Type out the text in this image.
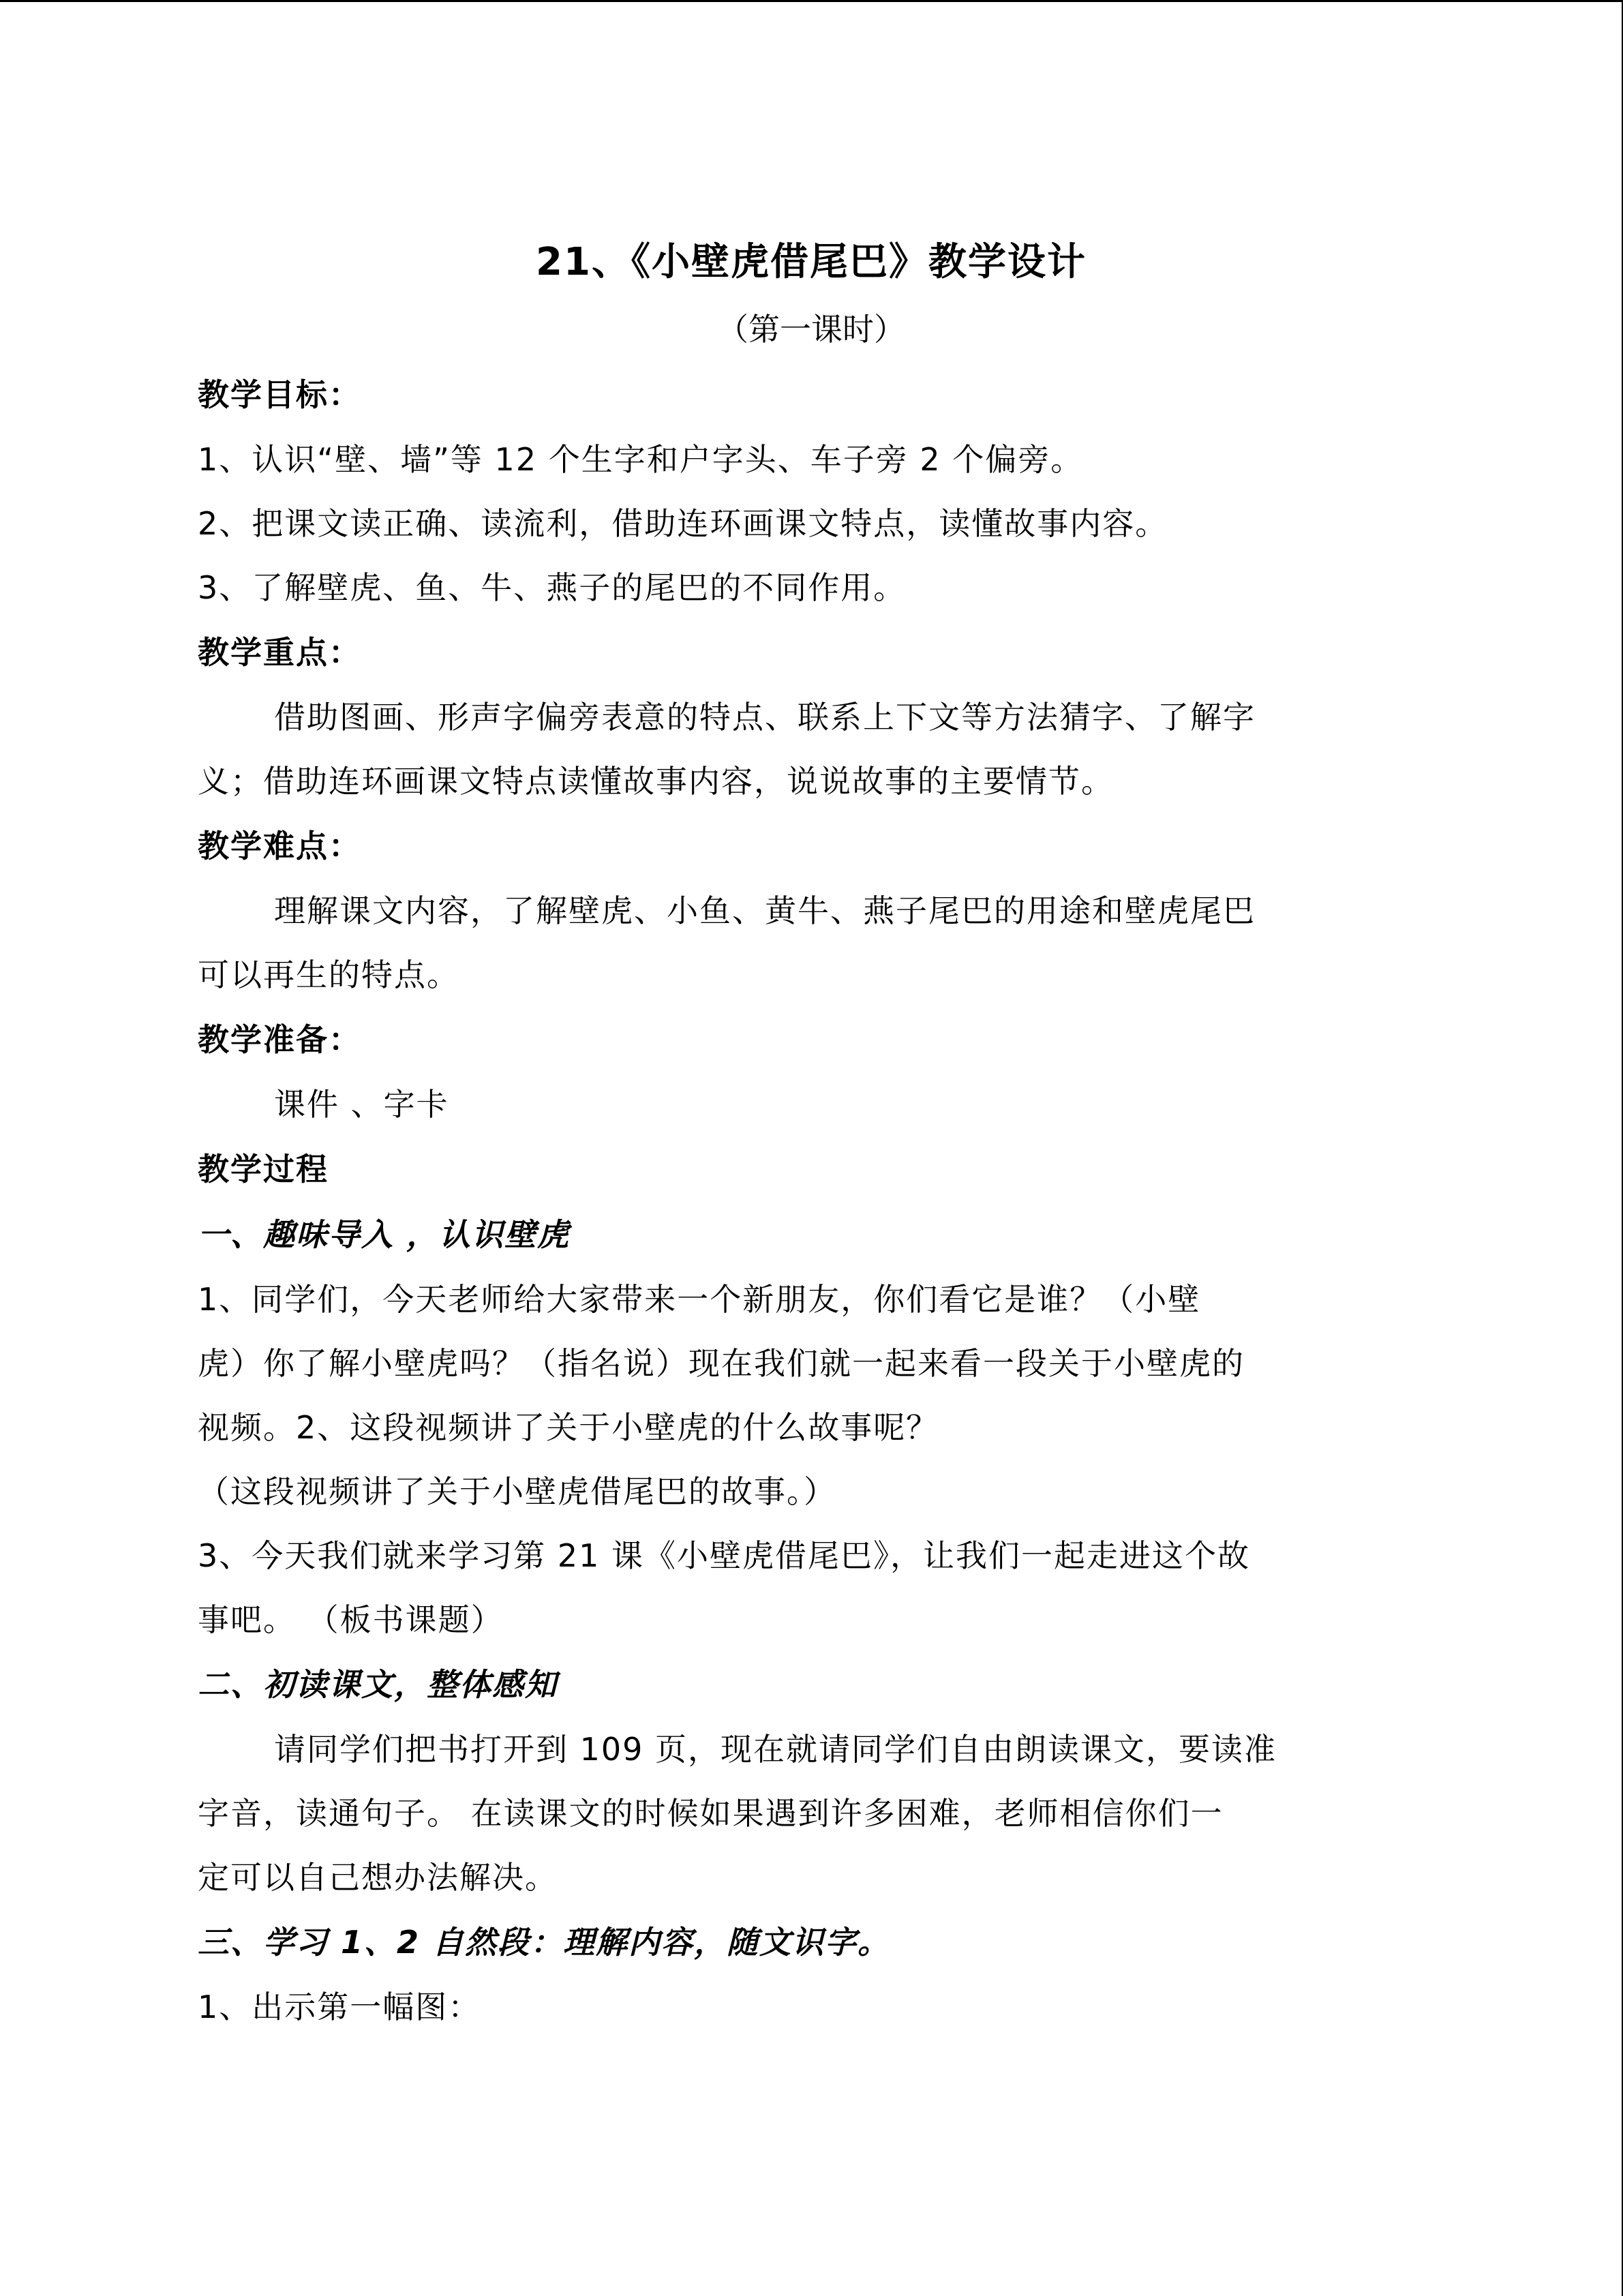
21、《小壁虎借尾巴》教学设计

（第一课时）

教学目标：

1、认识“壁、墙”等 12 个生字和户字头、车子旁 2 个偏旁。

2、把课文读正确、读流利，借助连环画课文特点，读懂故事内容。

3、了解壁虎、鱼、牛、燕子的尾巴的不同作用。

教学重点：

借助图画、形声字偏旁表意的特点、联系上下文等方法猜字、了解字

义；借助连环画课文特点读懂故事内容，说说故事的主要情节。

教学难点：

理解课文内容，了解壁虎、小鱼、黄牛、燕子尾巴的用途和壁虎尾巴

可以再生的特点。

教学准备：

课件 、字卡

教学过程

一、趣味导入 ，认识壁虎

1、同学们，今天老师给大家带来一个新朋友，你们看它是谁？（小壁

虎）你了解小壁虎吗？（指名说）现在我们就一起来看一段关于小壁虎的

视频。2、这段视频讲了关于小壁虎的什么故事呢？

（这段视频讲了关于小壁虎借尾巴的故事。）

3、今天我们就来学习第 21 课《小壁虎借尾巴》，让我们一起走进这个故

事吧。 （板书课题）

二、初读课文，整体感知

请同学们把书打开到 109 页，现在就请同学们自由朗读课文，要读准

字音，读通句子。 在读课文的时候如果遇到许多困难，老师相信你们一

定可以自己想办法解决。

三、学习 1、2 自然段：理解内容，随文识字。

1、出示第一幅图：
